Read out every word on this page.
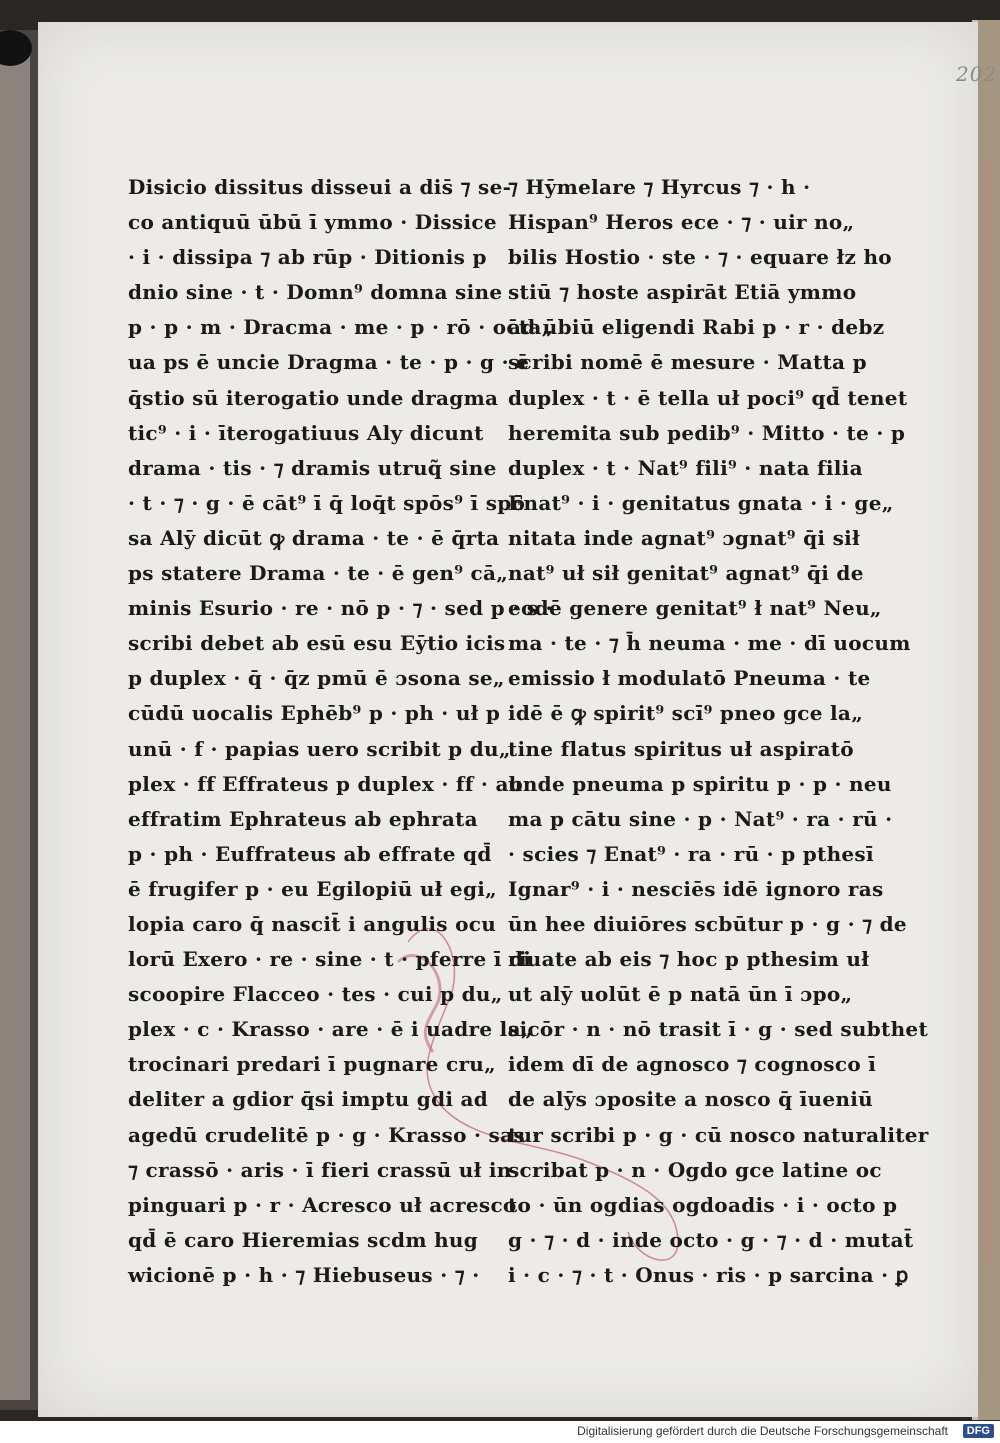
202
Disicio dissitus disseui a dis̄ ⁊ se-
co antiquū ūbū ī ymmo · Dissice
· i · dissipa ⁊ ab rūp · Ditionis p
dnio sine · t · Domn⁹ domna sine
p · p · m · Dracma · me · p · rō · oc̄ta„
ua ps ē uncie Dragma · te · p · g · ē
q̄stio sū iterogatio unde dragma
tic⁹ · i · īterogatiuus Aly dicunt
drama · tis · ⁊ dramis utruq̃ sine
· t · ⁊ · g · ē cāt⁹ ī q̄ loq̄t spōs⁹ ī spō
sa Alȳ dicūt ꝙ drama · te · ē q̄rta
ps statere Drama · te · ē gen⁹ cā„
minis Esurio · re · nō p · ⁊ · sed p · s ·
scribi debet ab esū esu Eȳtio icis
p duplex · q̄ · q̄z pmū ē ɔsona se„
cūdū uocalis Ephēb⁹ p · ph · uł p
unū · f · papias uero scribit p du„
plex · ff Effrateus p duplex · ff · ab
effratim Ephrateus ab ephrata
p · ph · Euffrateus ab effrate qd̄
ē frugifer p · eu Egilopiū uł egi„
lopia caro q̄ nascit̄ i angulis ocu
lorū Exero · re · sine · t · pferre ī di
scoopire Flacceo · tes · cui p du„
plex · c · Krasso · are · ē i uadre la„
trocinari predari ī pugnare cru„
deliter a gdior q̄si imptu gdi ad
agedū crudelitē p · g · Krasso · sas ·
⁊ crassō · aris · ī fieri crassū uł in
pinguari p · r · Acresco uł acresco
qd̄ ē caro Hieremias scdm hug
wicionē p · h · ⁊ Hiebuseus · ⁊ ·
⁊ Hȳmelare ⁊ Hyrcus ⁊ · h ·
Hispan⁹ Heros ece · ⁊ · uir no„
bilis Hostio · ste · ⁊ · equare łz ho
stiū ⁊ hoste aspirāt Etiā ymmo
ad ūbiū eligendi Rabi p · r · debz
scribi nomē ē mesure · Matta p
duplex · t · ē tella uł poci⁹ qd̄ tenet
heremita sub pedib⁹ · Mitto · te · p
duplex · t · Nat⁹ fili⁹ · nata filia
Enat⁹ · i · genitatus gnata · i · ge„
nitata inde agnat⁹ ɔgnat⁹ q̄i sił
nat⁹ uł sił genitat⁹ agnat⁹ q̄i de
eodē genere genitat⁹ ł nat⁹ Neu„
ma · te · ⁊ h̄ neuma · me · dī uocum
emissio ł modulatō Pneuma · te
idē ē ꝙ spirit⁹ scī⁹ pneo gce la„
tine flatus spiritus uł aspiratō
unde pneuma p spiritu p · p · neu
ma p cātu sine · p · Nat⁹ · ra · rū ·
· scies ⁊ Enat⁹ · ra · rū · p pthesī
Ignar⁹ · i · nesciēs idē ignoro ras
ūn hee diuiōres scbūtur p · g · ⁊ de
riuate ab eis ⁊ hoc p pthesim uł
ut alȳ uolūt ē p natā ūn ī ɔpo„
sicōr · n · nō trasit ī · g · sed subthet
idem dī de agnosco ⁊ cognosco ī
de alȳs ɔposite a nosco q̄ īueniū
tur scribi p · g · cū nosco naturaliter
scribat p · n · Ogdo gce latine oc
to · ūn ogdias ogdoadis · i · octo p
g · ⁊ · d · inde octo · g · ⁊ · d · mutat̄
i · c · ⁊ · t · Onus · ris · p sarcina · ꝑ
Digitalisierung gefördert durch die Deutsche Forschungsgemeinschaft	DFG
